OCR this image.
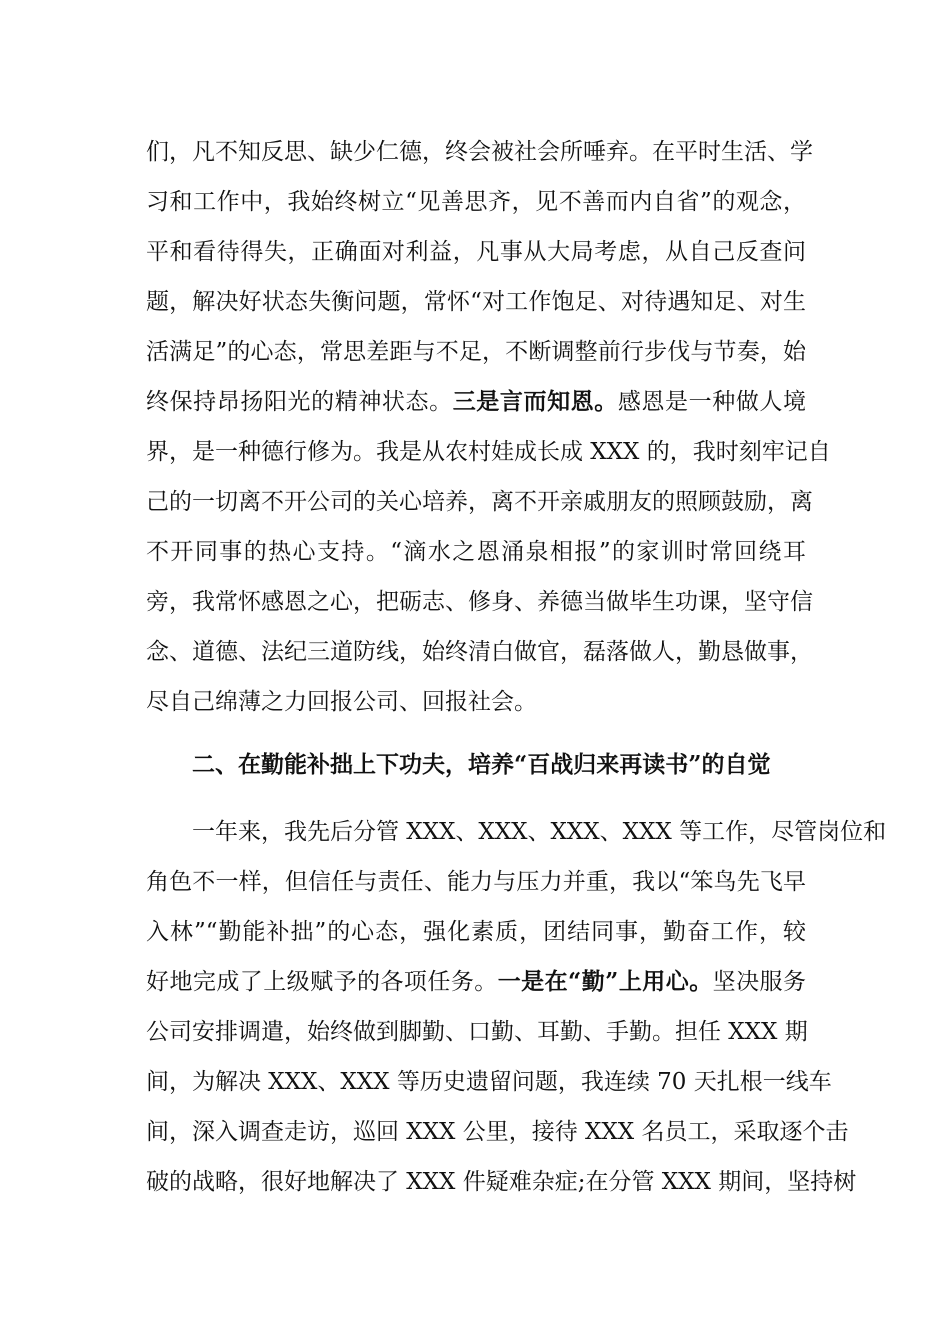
们，凡不知反思、缺少仁德，终会被社会所唾弃。在平时生活、学
习和工作中，我始终树立“见善思齐，见不善而内自省”的观念，
平和看待得失，正确面对利益，凡事从大局考虑，从自己反查问
题，解决好状态失衡问题，常怀“对工作饱足、对待遇知足、对生
活满足”的心态，常思差距与不足，不断调整前行步伐与节奏，始
终保持昂扬阳光的精神状态。三是言而知恩。感恩是一种做人境
界，是一种德行修为。我是从农村娃成长成 XXX 的，我时刻牢记自
己的一切离不开公司的关心培养，离不开亲戚朋友的照顾鼓励，离
不开同事的热心支持。“滴水之恩涌泉相报”的家训时常回绕耳
旁，我常怀感恩之心，把砺志、修身、养德当做毕生功课，坚守信
念、道德、法纪三道防线，始终清白做官，磊落做人，勤恳做事，
尽自己绵薄之力回报公司、回报社会。
二、在勤能补拙上下功夫，培养“百战归来再读书”的自觉
一年来，我先后分管 XXX、XXX、XXX、XXX 等工作，尽管岗位和
角色不一样，但信任与责任、能力与压力并重，我以“笨鸟先飞早
入林”“勤能补拙”的心态，强化素质，团结同事，勤奋工作，较
好地完成了上级赋予的各项任务。一是在“勤”上用心。坚决服务
公司安排调遣，始终做到脚勤、口勤、耳勤、手勤。担任 XXX 期
间，为解决 XXX、XXX 等历史遗留问题，我连续 70 天扎根一线车
间，深入调查走访，巡回 XXX 公里，接待 XXX 名员工，采取逐个击
破的战略，很好地解决了 XXX 件疑难杂症;在分管 XXX 期间，坚持树
